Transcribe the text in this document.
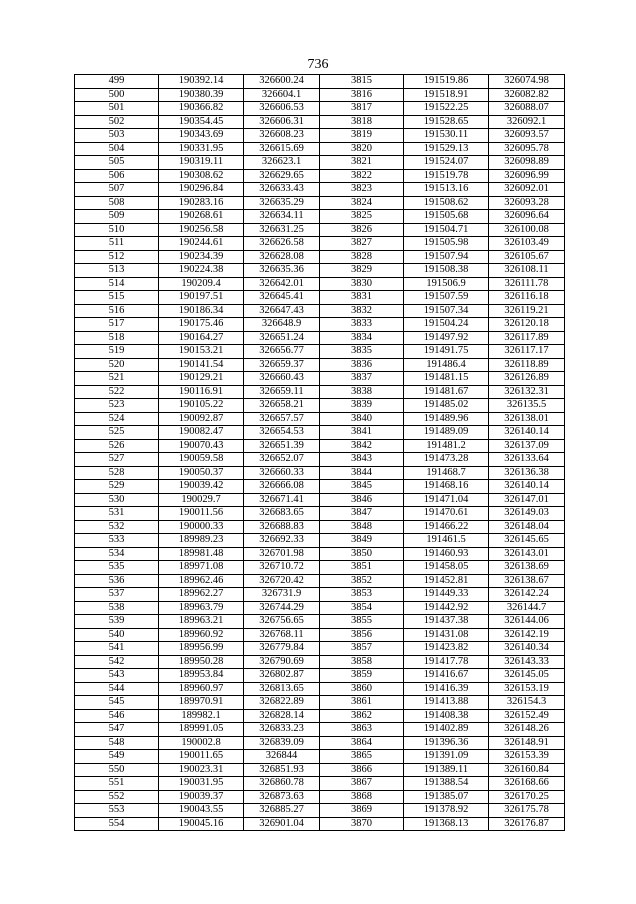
736
499	190392.14	326600.24	3815	191519.86	326074.98
500	190380.39	326604.1	3816	191518.91	326082.82
501	190366.82	326606.53	3817	191522.25	326088.07
502	190354.45	326606.31	3818	191528.65	326092.1
503	190343.69	326608.23	3819	191530.11	326093.57
504	190331.95	326615.69	3820	191529.13	326095.78
505	190319.11	326623.1	3821	191524.07	326098.89
506	190308.62	326629.65	3822	191519.78	326096.99
507	190296.84	326633.43	3823	191513.16	326092.01
508	190283.16	326635.29	3824	191508.62	326093.28
509	190268.61	326634.11	3825	191505.68	326096.64
510	190256.58	326631.25	3826	191504.71	326100.08
511	190244.61	326626.58	3827	191505.98	326103.49
512	190234.39	326628.08	3828	191507.94	326105.67
513	190224.38	326635.36	3829	191508.38	326108.11
514	190209.4	326642.01	3830	191506.9	326111.78
515	190197.51	326645.41	3831	191507.59	326116.18
516	190186.34	326647.43	3832	191507.34	326119.21
517	190175.46	326648.9	3833	191504.24	326120.18
518	190164.27	326651.24	3834	191497.92	326117.89
519	190153.21	326656.77	3835	191491.75	326117.17
520	190141.54	326659.37	3836	191486.4	326118.89
521	190129.21	326660.43	3837	191481.15	326126.89
522	190116.91	326659.11	3838	191481.67	326132.31
523	190105.22	326658.21	3839	191485.02	326135.5
524	190092.87	326657.57	3840	191489.96	326138.01
525	190082.47	326654.53	3841	191489.09	326140.14
526	190070.43	326651.39	3842	191481.2	326137.09
527	190059.58	326652.07	3843	191473.28	326133.64
528	190050.37	326660.33	3844	191468.7	326136.38
529	190039.42	326666.08	3845	191468.16	326140.14
530	190029.7	326671.41	3846	191471.04	326147.01
531	190011.56	326683.65	3847	191470.61	326149.03
532	190000.33	326688.83	3848	191466.22	326148.04
533	189989.23	326692.33	3849	191461.5	326145.65
534	189981.48	326701.98	3850	191460.93	326143.01
535	189971.08	326710.72	3851	191458.05	326138.69
536	189962.46	326720.42	3852	191452.81	326138.67
537	189962.27	326731.9	3853	191449.33	326142.24
538	189963.79	326744.29	3854	191442.92	326144.7
539	189963.21	326756.65	3855	191437.38	326144.06
540	189960.92	326768.11	3856	191431.08	326142.19
541	189956.99	326779.84	3857	191423.82	326140.34
542	189950.28	326790.69	3858	191417.78	326143.33
543	189953.84	326802.87	3859	191416.67	326145.05
544	189960.97	326813.65	3860	191416.39	326153.19
545	189970.91	326822.89	3861	191413.88	326154.3
546	189982.1	326828.14	3862	191408.38	326152.49
547	189991.05	326833.23	3863	191402.89	326148.26
548	190002.8	326839.09	3864	191396.36	326148.91
549	190011.65	326844	3865	191391.09	326153.39
550	190023.31	326851.93	3866	191389.11	326160.84
551	190031.95	326860.78	3867	191388.54	326168.66
552	190039.37	326873.63	3868	191385.07	326170.25
553	190043.55	326885.27	3869	191378.92	326175.78
554	190045.16	326901.04	3870	191368.13	326176.87
